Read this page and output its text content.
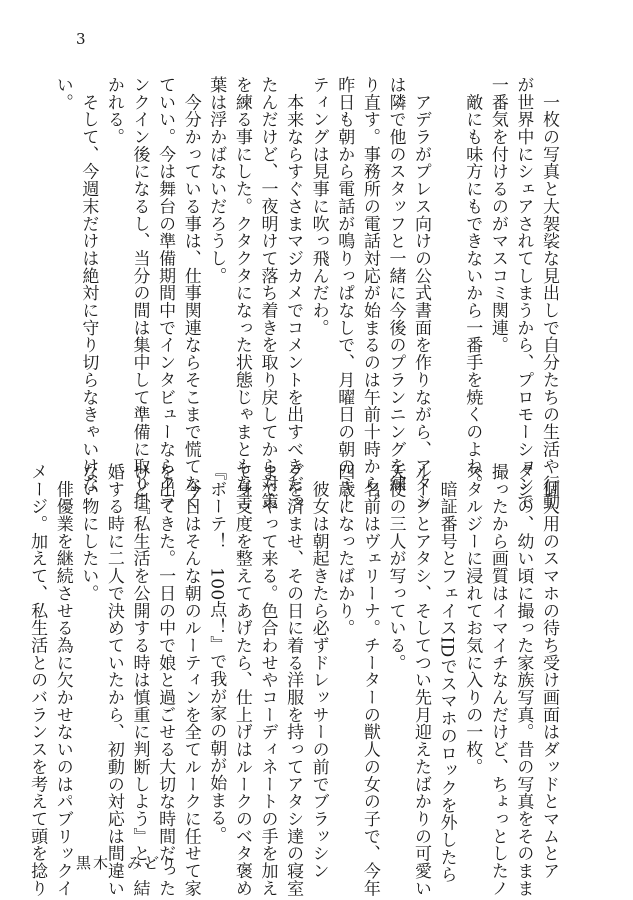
3
　一枚の写真と大袈裟な見出しで自分たちの生活や行動
が世界中にシェアされてしまうから、プロモーションで
一番気を付けるのがマスコミ関連。
　敵にも味方にもできないから一番手を焼くのよね。

　アデラがプレス向けの公式書面を作りながら、アタシ
は隣で他のスタッフと一緒に今後のプランニングを練
り直す。事務所の電話対応が始まるのは午前十時から。
昨日も朝から電話が鳴りっぱなしで、月曜日の朝のミー
ティングは見事に吹っ飛んだわ。
　本来ならすぐさまマジカメでコメントを出すべきだっ
たんだけど、一夜明けて落ち着きを取り戻してから対策
を練る事にした。クタクタになった状態じゃまともな言
葉は浮かばないだろうし。
　今分かっている事は、仕事関連ならそこまで慌てなく
ていい。今は舞台の準備期間中でインタビューならクラ
ンクイン後になるし、当分の間は集中して準備に取り掛
かれる。
　そして、今週末だけは絶対に守り切らなきゃいけな
い。
　個人用のスマホの待ち受け画面はダッドとマムとア
タシの、幼い頃に撮った家族写真。昔の写真をそのまま
撮ったから画質はイマイチなんだけど、ちょっとしたノ
スタルジーに浸れてお気に入りの一枚。
　暗証番号とフェイスIDでスマホのロックを外したら
ルークとアタシ、そしてつい先月迎えたばかりの可愛い
天使の三人が写っている。
　名前はヴェリーナ。チーターの獣人の女の子で、今年
四歳になったばかり。
　彼女は朝起きたら必ずドレッサーの前でブラッシン
グを済ませ、その日に着る洋服を持ってアタシ達の寝室
までやって来る。色合わせやコーディネートの手を加え
て身支度を整えてあげたら、仕上げはルークのベタ褒め
『ボーテ！　100点！』で我が家の朝が始まる。
　今日はそんな朝のルーティンを全てルークに任せて家
を出てきた。一日の中で娘と過ごせる大切な時間だった
けど『私生活を公開する時は慎重に判断しよう』と、結
婚する時に二人で決めていたから、初動の対応は間違い
ない物にしたい。
　俳優業を継続させる為に欠かせないのはパブリックイ
メージ。加えて、私生活とのバランスを考えて頭を捻り 黒木　みどり
